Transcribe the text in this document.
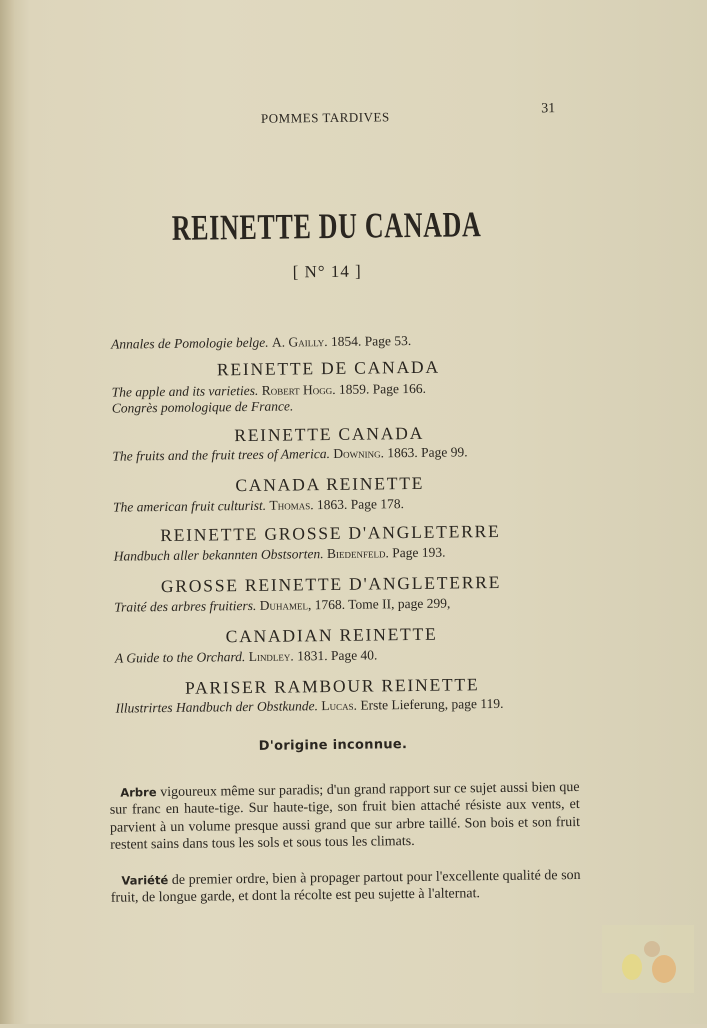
POMMES TARDIVES
31
REINETTE DU CANADA
[ N° 14 ]
Annales de Pomologie belge. A. Gailly. 1854. Page 53.
REINETTE DE CANADA
The apple and its varieties. Robert Hogg. 1859. Page 166.
Congrès pomologique de France.
REINETTE CANADA
The fruits and the fruit trees of America. Downing. 1863. Page 99.
CANADA REINETTE
The american fruit culturist. Thomas. 1863. Page 178.
REINETTE GROSSE D'ANGLETERRE
Handbuch aller bekannten Obstsorten. Biedenfeld. Page 193.
GROSSE REINETTE D'ANGLETERRE
Traité des arbres fruitiers. Duhamel, 1768. Tome II, page 299,
CANADIAN REINETTE
A Guide to the Orchard. Lindley. 1831. Page 40.
PARISER RAMBOUR REINETTE
Illustrirtes Handbuch der Obstkunde. Lucas. Erste Lieferung, page 119.
D'origine inconnue.
Arbre vigoureux même sur paradis; d'un grand rapport sur ce sujet aussi bien que sur franc en haute-tige. Sur haute-tige, son fruit bien attaché résiste aux vents, et parvient à un volume presque aussi grand que sur arbre taillé. Son bois et son fruit restent sains dans tous les sols et sous tous les climats.
Variété de premier ordre, bien à propager partout pour l'excellente qualité de son fruit, de longue garde, et dont la récolte est peu sujette à l'alternat.
